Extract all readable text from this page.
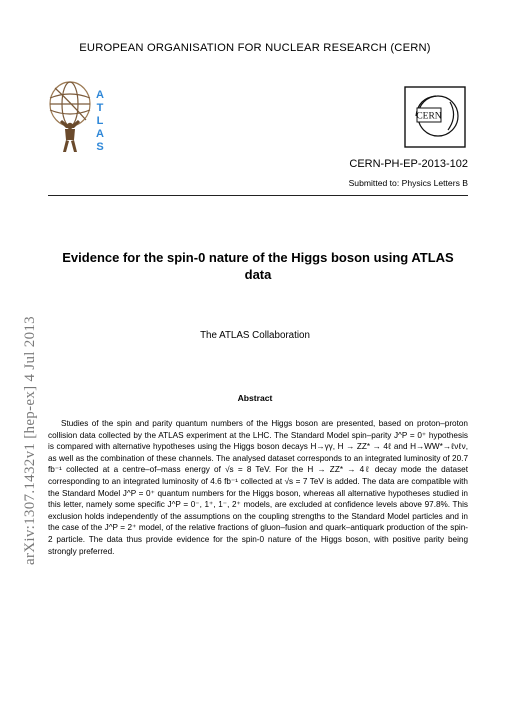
arXiv:1307.1432v1 [hep-ex] 4 Jul 2013
EUROPEAN ORGANISATION FOR NUCLEAR RESEARCH (CERN)
A
T
L
A
S
CERN
CERN-PH-EP-2013-102
Submitted to: Physics Letters B
Evidence for the spin-0 nature of the Higgs boson using ATLAS data
The ATLAS Collaboration
Abstract
Studies of the spin and parity quantum numbers of the Higgs boson are presented, based on proton–proton collision data collected by the ATLAS experiment at the LHC. The Standard Model spin–parity J^P = 0⁺ hypothesis is compared with alternative hypotheses using the Higgs boson decays H→γγ, H → ZZ* → 4ℓ and H→WW*→ℓνℓν, as well as the combination of these channels. The analysed dataset corresponds to an integrated luminosity of 20.7 fb⁻¹ collected at a centre–of–mass energy of √s = 8 TeV. For the H → ZZ* → 4ℓ decay mode the dataset corresponding to an integrated luminosity of 4.6 fb⁻¹ collected at √s = 7 TeV is added. The data are compatible with the Standard Model J^P = 0⁺ quantum numbers for the Higgs boson, whereas all alternative hypotheses studied in this letter, namely some specific J^P = 0⁻, 1⁺, 1⁻, 2⁺ models, are excluded at confidence levels above 97.8%. This exclusion holds independently of the assumptions on the coupling strengths to the Standard Model particles and in the case of the J^P = 2⁺ model, of the relative fractions of gluon–fusion and quark–antiquark production of the spin-2 particle. The data thus provide evidence for the spin-0 nature of the Higgs boson, with positive parity being strongly preferred.
